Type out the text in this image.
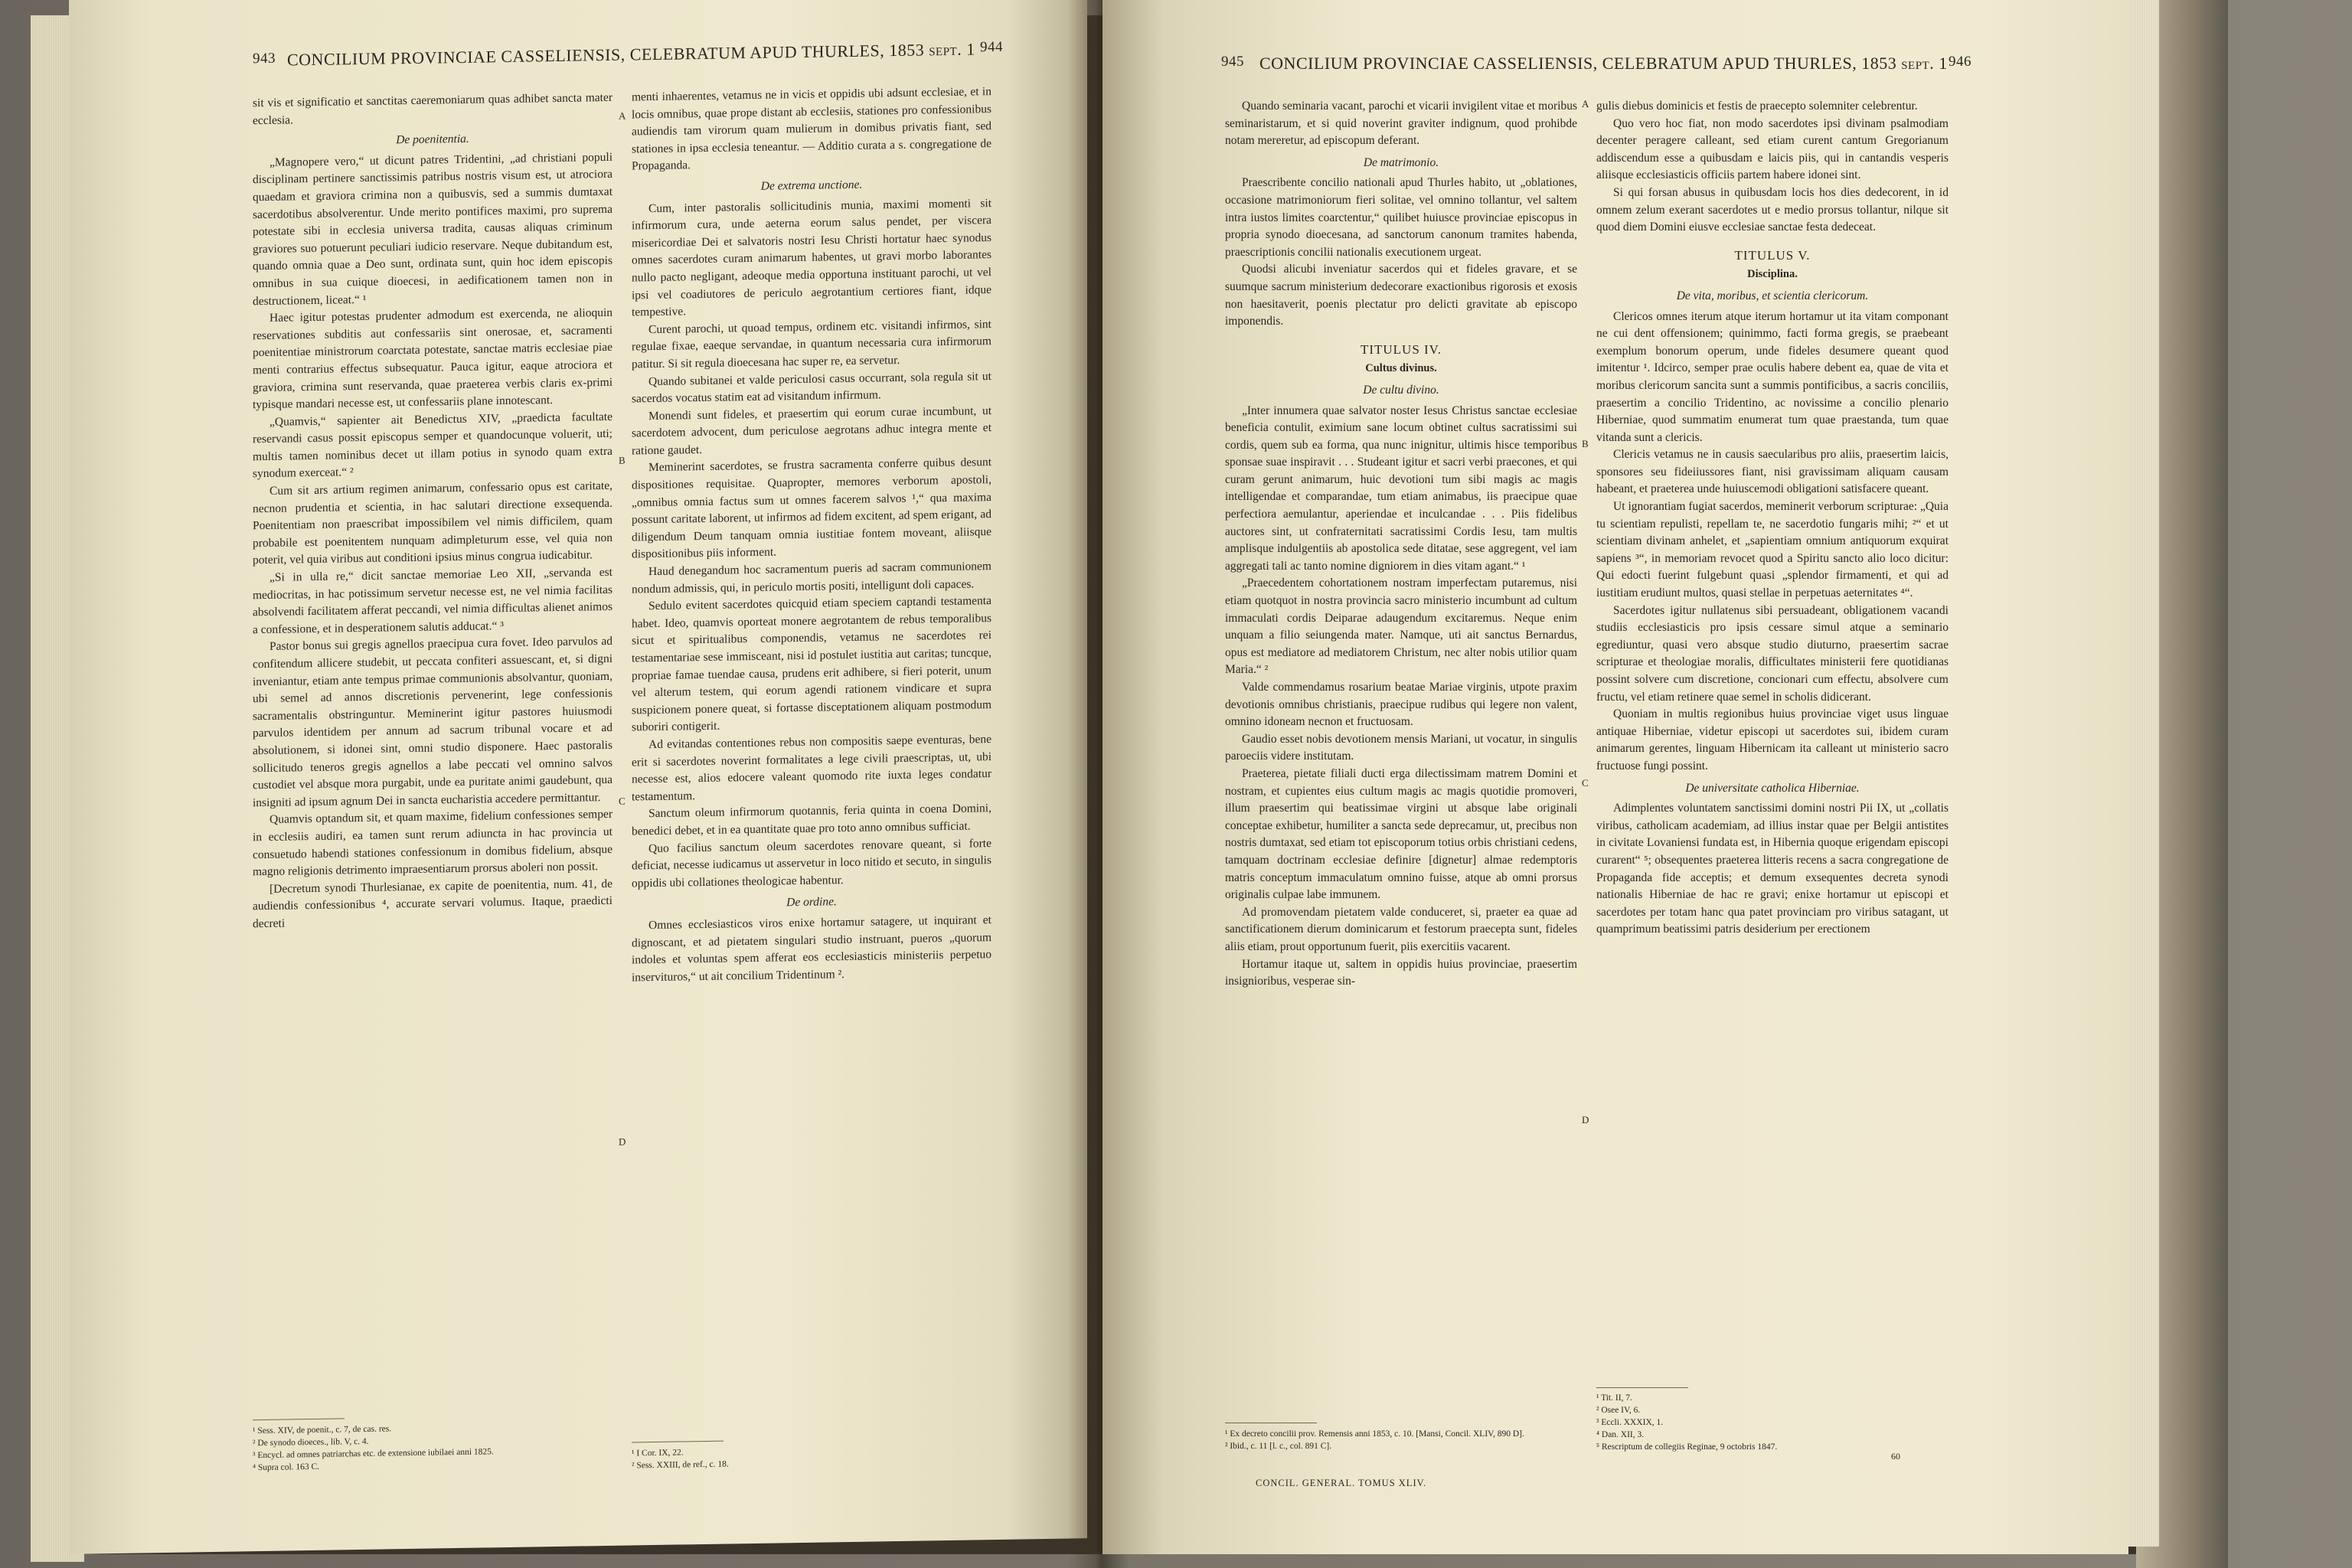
943 CONCILIUM PROVINCIAE CASSELIENSIS, CELEBRATUM APUD THURLES, 1853 sept. 1 944

sit vis et significatio et sanctitas caeremoniarum quas adhibet sancta mater ecclesia.

De poenitentia.

„Magnopere vero,“ ut dicunt patres Tridentini, „ad christiani populi disciplinam pertinere sanctissimis patribus nostris visum est, ut atrociora quaedam et graviora crimina non a quibusvis, sed a summis dumtaxat sacerdotibus absolverentur. Unde merito pontifices maximi, pro suprema potestate sibi in ecclesia universa tradita, causas aliquas criminum graviores suo potuerunt peculiari iudicio reservare. Neque dubitandum est, quando omnia quae a Deo sunt, ordinata sunt, quin hoc idem episcopis omnibus in sua cuique dioecesi, in aedificationem tamen non in destructionem, liceat.“ ¹

Haec igitur potestas prudenter admodum est exercenda, ne alioquin reservationes subditis aut confessariis sint onerosae, et, sacramenti poenitentiae ministrorum coarctata potestate, sanctae matris ecclesiae piae menti contrarius effectus subsequatur. Pauca igitur, eaque atrociora et graviora, crimina sunt reservanda, quae praeterea verbis claris ex-primi typisque mandari necesse est, ut confessariis plane innotescant.

„Quamvis,“ sapienter ait Benedictus XIV, „praedicta facultate reservandi casus possit episcopus semper et quandocunque voluerit, uti; multis tamen nominibus decet ut illam potius in synodo quam extra synodum exerceat.“ ²

Cum sit ars artium regimen animarum, confessario opus est caritate, necnon prudentia et scientia, in hac salutari directione exsequenda. Poenitentiam non praescribat impossibilem vel nimis difficilem, quam probabile est poenitentem nunquam adimpleturum esse, vel quia non poterit, vel quia viribus aut conditioni ipsius minus congrua iudicabitur.

„Si in ulla re,“ dicit sanctae memoriae Leo XII, „servanda est mediocritas, in hac potissimum servetur necesse est, ne vel nimia facilitas absolvendi facilitatem afferat peccandi, vel nimia difficultas alienet animos a confessione, et in desperationem salutis adducat.“ ³

Pastor bonus sui gregis agnellos praecipua cura fovet. Ideo parvulos ad confitendum allicere studebit, ut peccata confiteri assuescant, et, si digni inveniantur, etiam ante tempus primae communionis absolvantur, quoniam, ubi semel ad annos discretionis pervenerint, lege confessionis sacramentalis obstringuntur. Meminerint igitur pastores huiusmodi parvulos identidem per annum ad sacrum tribunal vocare et ad absolutionem, si idonei sint, omni studio disponere. Haec pastoralis sollicitudo teneros gregis agnellos a labe peccati vel omnino salvos custodiet vel absque mora purgabit, unde ea puritate animi gaudebunt, qua insigniti ad ipsum agnum Dei in sancta eucharistia accedere permittantur.

Quamvis optandum sit, et quam maxime, fidelium confessiones semper in ecclesiis audiri, ea tamen sunt rerum adiuncta in hac provincia ut consuetudo habendi stationes confessionum in domibus fidelium, absque magno religionis detrimento impraesentiarum prorsus aboleri non possit.

[Decretum synodi Thurlesianae, ex capite de poenitentia, num. 41, de audiendis confessionibus ⁴, accurate servari volumus. Itaque, praedicti decreti

¹ Sess. XIV, de poenit., c. 7, de cas. res.

² De synodo dioeces., lib. V, c. 4.

³ Encycl. ad omnes patriarchas etc. de extensione iubilaei anni 1825.

⁴ Supra col. 163 C.

menti inhaerentes, vetamus ne in vicis et oppidis ubi adsunt ecclesiae, et in locis omnibus, quae prope distant ab ecclesiis, stationes pro confessionibus audiendis tam virorum quam mulierum in domibus privatis fiant, sed stationes in ipsa ecclesia teneantur. — Additio curata a s. congregatione de Propaganda.

De extrema unctione.

Cum, inter pastoralis sollicitudinis munia, maximi momenti sit infirmorum cura, unde aeterna eorum salus pendet, per viscera misericordiae Dei et salvatoris nostri Iesu Christi hortatur haec synodus omnes sacerdotes curam animarum habentes, ut gravi morbo laborantes nullo pacto negligant, adeoque media opportuna instituant parochi, ut vel ipsi vel coadiutores de periculo aegrotantium certiores fiant, idque tempestive.

Curent parochi, ut quoad tempus, ordinem etc. visitandi infirmos, sint regulae fixae, eaeque servandae, in quantum necessaria cura infirmorum patitur. Si sit regula dioecesana hac super re, ea servetur.

Quando subitanei et valde periculosi casus occurrant, sola regula sit ut sacerdos vocatus statim eat ad visitandum infirmum.

Monendi sunt fideles, et praesertim qui eorum curae incumbunt, ut sacerdotem advocent, dum periculose aegrotans adhuc integra mente et ratione gaudet.

Meminerint sacerdotes, se frustra sacramenta conferre quibus desunt dispositiones requisitae. Quapropter, memores verborum apostoli, „omnibus omnia factus sum ut omnes facerem salvos ¹,“ qua maxima possunt caritate laborent, ut infirmos ad fidem excitent, ad spem erigant, ad diligendum Deum tanquam omnia iustitiae fontem moveant, aliisque dispositionibus piis informent.

Haud denegandum hoc sacramentum pueris ad sacram communionem nondum admissis, qui, in periculo mortis positi, intelligunt doli capaces.

Sedulo evitent sacerdotes quicquid etiam speciem captandi testamenta habet. Ideo, quamvis oporteat monere aegrotantem de rebus temporalibus sicut et spiritualibus componendis, vetamus ne sacerdotes rei testamentariae sese immisceant, nisi id postulet iustitia aut caritas; tuncque, propriae famae tuendae causa, prudens erit adhibere, si fieri poterit, unum vel alterum testem, qui eorum agendi rationem vindicare et supra suspicionem ponere queat, si fortasse disceptationem aliquam postmodum suboriri contigerit.

Ad evitandas contentiones rebus non compositis saepe eventuras, bene erit si sacerdotes noverint formalitates a lege civili praescriptas, ut, ubi necesse est, alios edocere valeant quomodo rite iuxta leges condatur testamentum.

Sanctum oleum infirmorum quotannis, feria quinta in coena Domini, benedici debet, et in ea quantitate quae pro toto anno omnibus sufficiat.

Quo facilius sanctum oleum sacerdotes renovare queant, si forte deficiat, necesse iudicamus ut asservetur in loco nitido et secuto, in singulis oppidis ubi collationes theologicae habentur.

De ordine.

Omnes ecclesiasticos viros enixe hortamur satagere, ut inquirant et dignoscant, et ad pietatem singulari studio instruant, pueros „quorum indoles et voluntas spem afferat eos ecclesiasticis ministeriis perpetuo inservituros,“ ut ait concilium Tridentinum ².

¹ I Cor. IX, 22.

² Sess. XXIII, de ref., c. 18.

A
B
C
D
945 CONCILIUM PROVINCIAE CASSELIENSIS, CELEBRATUM APUD THURLES, 1853 sept. 1 946

Quando seminaria vacant, parochi et vicarii invigilent vitae et moribus seminaristarum, et si quid noverint graviter indignum, quod prohibde notam mereretur, ad episcopum deferant.

De matrimonio.

Praescribente concilio nationali apud Thurles habito, ut „oblationes, occasione matrimoniorum fieri solitae, vel omnino tollantur, vel saltem intra iustos limites coarctentur,“ quilibet huiusce provinciae episcopus in propria synodo dioecesana, ad sanctorum canonum tramites habenda, praescriptionis concilii nationalis executionem urgeat.

Quodsi alicubi inveniatur sacerdos qui et fideles gravare, et se suumque sacrum ministerium dedecorare exactionibus rigorosis et exosis non haesitaverit, poenis plectatur pro delicti gravitate ab episcopo imponendis.

TITULUS IV.

Cultus divinus.

De cultu divino.

„Inter innumera quae salvator noster Iesus Christus sanctae ecclesiae beneficia contulit, eximium sane locum obtinet cultus sacratissimi sui cordis, quem sub ea forma, qua nunc inignitur, ultimis hisce temporibus sponsae suae inspiravit . . . Studeant igitur et sacri verbi praecones, et qui curam gerunt animarum, huic devotioni tum sibi magis ac magis intelligendae et comparandae, tum etiam animabus, iis praecipue quae perfectiora aemulantur, aperiendae et inculcandae . . . Piis fidelibus auctores sint, ut confraternitati sacratissimi Cordis Iesu, tam multis amplisque indulgentiis ab apostolica sede ditatae, sese aggregent, vel iam aggregati tali ac tanto nomine digniorem in dies vitam agant.“ ¹

„Praecedentem cohortationem nostram imperfectam putaremus, nisi etiam quotquot in nostra provincia sacro ministerio incumbunt ad cultum immaculati cordis Deiparae adaugendum excitaremus. Neque enim unquam a filio seiungenda mater. Namque, uti ait sanctus Bernardus, opus est mediatore ad mediatorem Christum, nec alter nobis utilior quam Maria.“ ²

Valde commendamus rosarium beatae Mariae virginis, utpote praxim devotionis omnibus christianis, praecipue rudibus qui legere non valent, omnino idoneam necnon et fructuosam.

Gaudio esset nobis devotionem mensis Mariani, ut vocatur, in singulis paroeciis videre institutam.

Praeterea, pietate filiali ducti erga dilectissimam matrem Domini et nostram, et cupientes eius cultum magis ac magis quotidie promoveri, illum praesertim qui beatissimae virgini ut absque labe originali conceptae exhibetur, humiliter a sancta sede deprecamur, ut, precibus non nostris dumtaxat, sed etiam tot episcoporum totius orbis christiani cedens, tamquam doctrinam ecclesiae definire [dignetur] almae redemptoris matris conceptum immaculatum omnino fuisse, atque ab omni prorsus originalis culpae labe immunem.

Ad promovendam pietatem valde conduceret, si, praeter ea quae ad sanctificationem dierum dominicarum et festorum praecepta sunt, fideles aliis etiam, prout opportunum fuerit, piis exercitiis vacarent.

Hortamur itaque ut, saltem in oppidis huius provinciae, praesertim insignioribus, vesperae sin-

¹ Ex decreto concilii prov. Remensis anni 1853, c. 10. [Mansi, Concil. XLIV, 890 D].

² Ibid., c. 11 [l. c., col. 891 C].

CONCIL. GENERAL. TOMUS XLIV.

gulis diebus dominicis et festis de praecepto solemniter celebrentur.

Quo vero hoc fiat, non modo sacerdotes ipsi divinam psalmodiam decenter peragere calleant, sed etiam curent cantum Gregorianum addiscendum esse a quibusdam e laicis piis, qui in cantandis vesperis aliisque ecclesiasticis officiis partem habere idonei sint.

Si qui forsan abusus in quibusdam locis hos dies dedecorent, in id omnem zelum exerant sacerdotes ut e medio prorsus tollantur, nilque sit quod diem Domini eiusve ecclesiae sanctae festa dedeceat.

TITULUS V.

Disciplina.

De vita, moribus, et scientia clericorum.

Clericos omnes iterum atque iterum hortamur ut ita vitam componant ne cui dent offensionem; quinimmo, facti forma gregis, se praebeant exemplum bonorum operum, unde fideles desumere queant quod imitentur ¹. Idcirco, semper prae oculis habere debent ea, quae de vita et moribus clericorum sancita sunt a summis pontificibus, a sacris conciliis, praesertim a concilio Tridentino, ac novissime a concilio plenario Hiberniae, quod summatim enumerat tum quae praestanda, tum quae vitanda sunt a clericis.

Clericis vetamus ne in causis saecularibus pro aliis, praesertim laicis, sponsores seu fideiiussores fiant, nisi gravissimam aliquam causam habeant, et praeterea unde huiuscemodi obligationi satisfacere queant.

Ut ignorantiam fugiat sacerdos, meminerit verborum scripturae: „Quia tu scientiam repulisti, repellam te, ne sacerdotio fungaris mihi; ²“ et ut scientiam divinam anhelet, et „sapientiam omnium antiquorum exquirat sapiens ³“, in memoriam revocet quod a Spiritu sancto alio loco dicitur: Qui edocti fuerint fulgebunt quasi „splendor firmamenti, et qui ad iustitiam erudiunt multos, quasi stellae in perpetuas aeternitates ⁴“.

Sacerdotes igitur nullatenus sibi persuadeant, obligationem vacandi studiis ecclesiasticis pro ipsis cessare simul atque a seminario egrediuntur, quasi vero absque studio diuturno, praesertim sacrae scripturae et theologiae moralis, difficultates ministerii fere quotidianas possint solvere cum discretione, concionari cum effectu, absolvere cum fructu, vel etiam retinere quae semel in scholis didicerant.

Quoniam in multis regionibus huius provinciae viget usus linguae antiquae Hiberniae, videtur episcopi ut sacerdotes sui, ibidem curam animarum gerentes, linguam Hibernicam ita calleant ut ministerio sacro fructuose fungi possint.

De universitate catholica Hiberniae.

Adimplentes voluntatem sanctissimi domini nostri Pii IX, ut „collatis viribus, catholicam academiam, ad illius instar quae per Belgii antistites in civitate Lovaniensi fundata est, in Hibernia quoque erigendam episcopi curarent“ ⁵; obsequentes praeterea litteris recens a sacra congregatione de Propaganda fide acceptis; et demum exsequentes decreta synodi nationalis Hiberniae de hac re gravi; enixe hortamur ut episcopi et sacerdotes per totam hanc qua patet provinciam pro viribus satagant, ut quamprimum beatissimi patris desiderium per erectionem

¹ Tit. II, 7.

² Osee IV, 6.

³ Eccli. XXXIX, 1.

⁴ Dan. XII, 3.

⁵ Rescriptum de collegiis Reginae, 9 octobris 1847.

60
A
B
C
D
